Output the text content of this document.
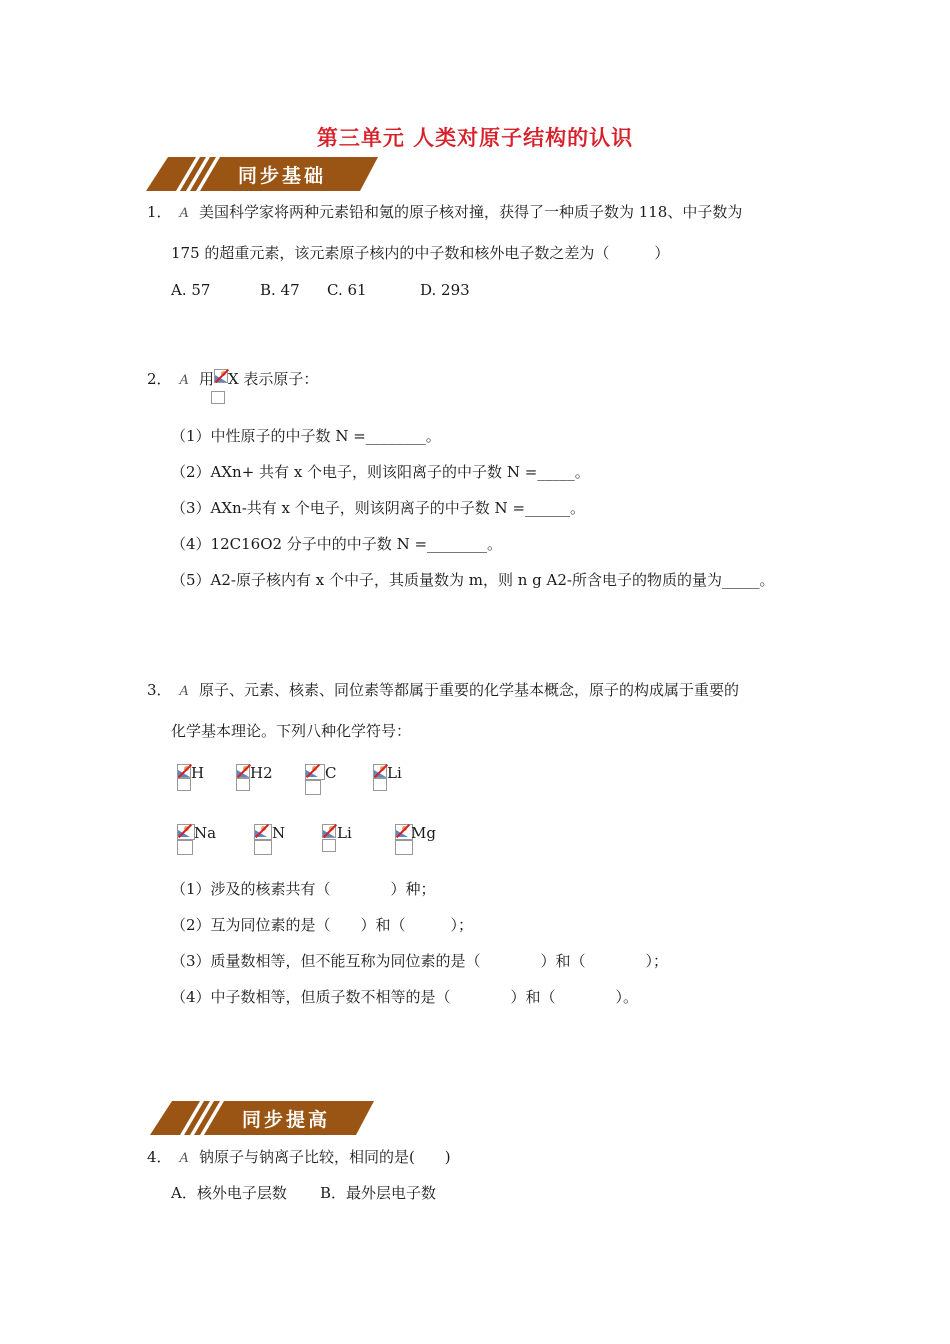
第三单元 人类对原子结构的认识
同步基础
1． A 美国科学家将两种元素铅和氪的原子核对撞，获得了一种质子数为 118、中子数为
175 的超重元素，该元素原子核内的中子数和核外电子数之差为（　　　）
A. 57	B. 47 C. 61	D. 293
2． A 用 X 表示原子：
（1）中性原子的中子数 N =________。
（2）AXn+ 共有 x 个电子，则该阳离子的中子数 N =_____。
（3）AXn-共有 x 个电子，则该阴离子的中子数 N =______。
（4）12C16O2 分子中的中子数 N =________。
（5）A2-原子核内有 x 个中子，其质量数为 m，则 n g A2-所含电子的物质的量为_____。
3． A 原子、元素、核素、同位素等都属于重要的化学基本概念，原子的构成属于重要的
化学基本理论。下列八种化学符号：
H	H2	C	Li
Na	N	Li	Mg
（1）涉及的核素共有（　　　　）种；
（2）互为同位素的是（　　）和（　　　）；
（3）质量数相等，但不能互称为同位素的是（　　　　）和（　　　　）；
（4）中子数相等，但质子数不相等的是（　　　　）和（　　　　）。
同步提高
4． A 钠原子与钠离子比较，相同的是(　　)
A．核外电子层数 B．最外层电子数
